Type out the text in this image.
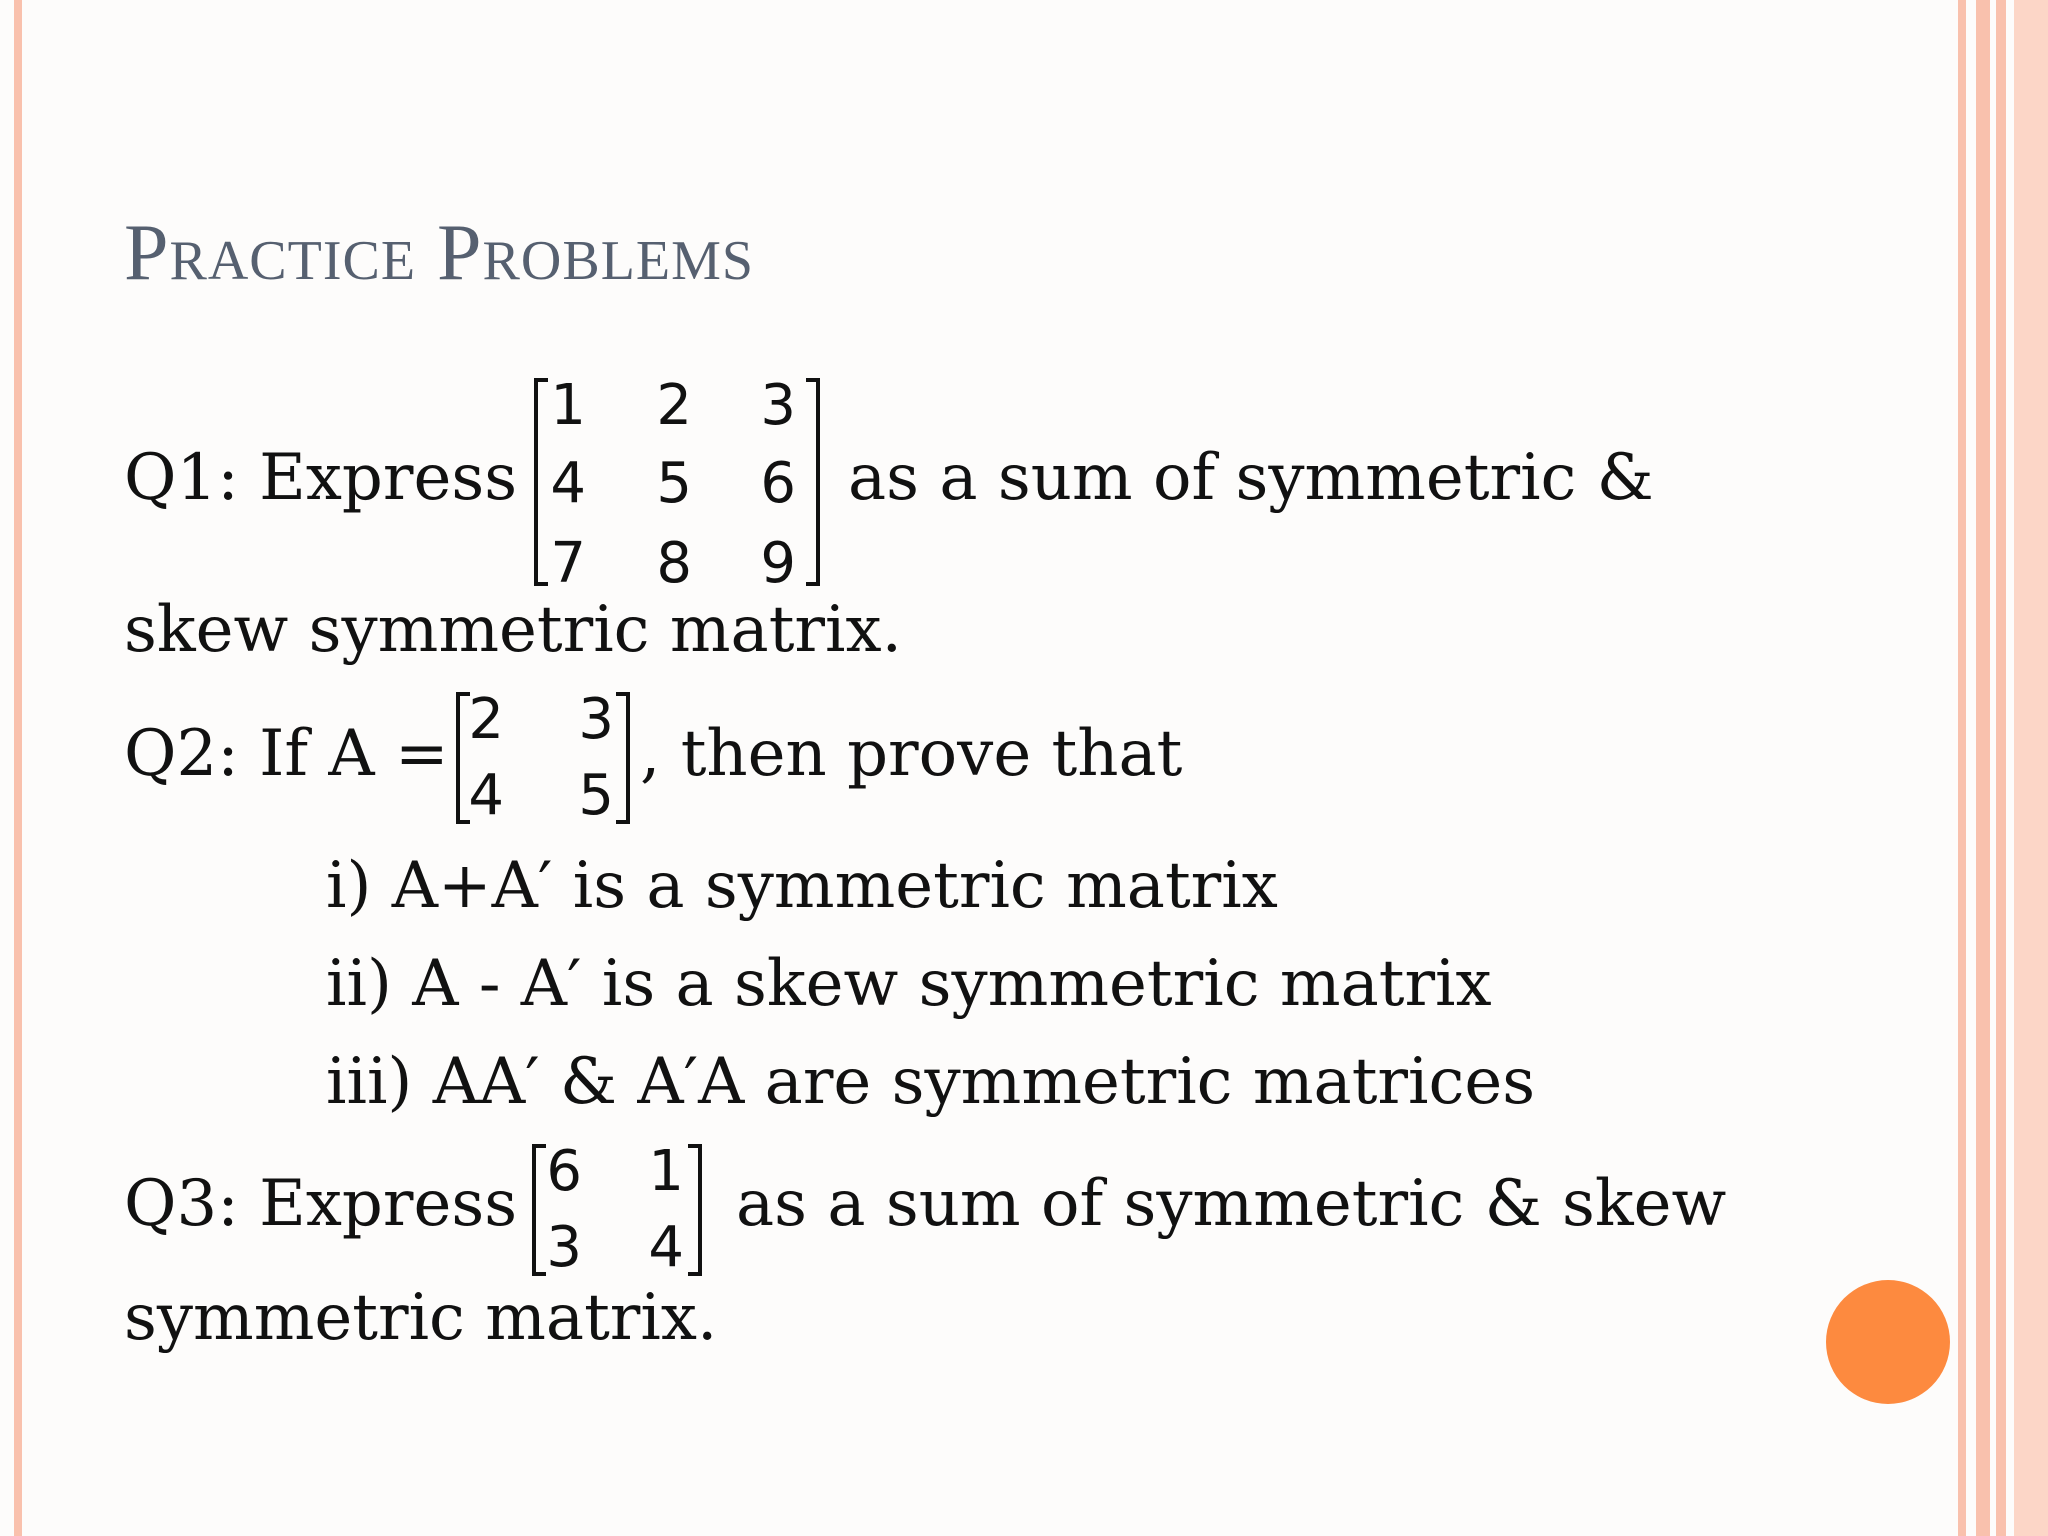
Practice Problems
Q1: Express
1 2 3
4 5 6
7 8 9
as a sum of symmetric &
skew symmetric matrix.
Q2: If A = 2 3
4 5
, then prove that
i) A+A′ is a symmetric matrix
ii) A - A′ is a skew symmetric matrix
iii) AA′ & A′A are symmetric matrices
Q3: Express 6 1
3 4
as a sum of symmetric & skew
symmetric matrix.
